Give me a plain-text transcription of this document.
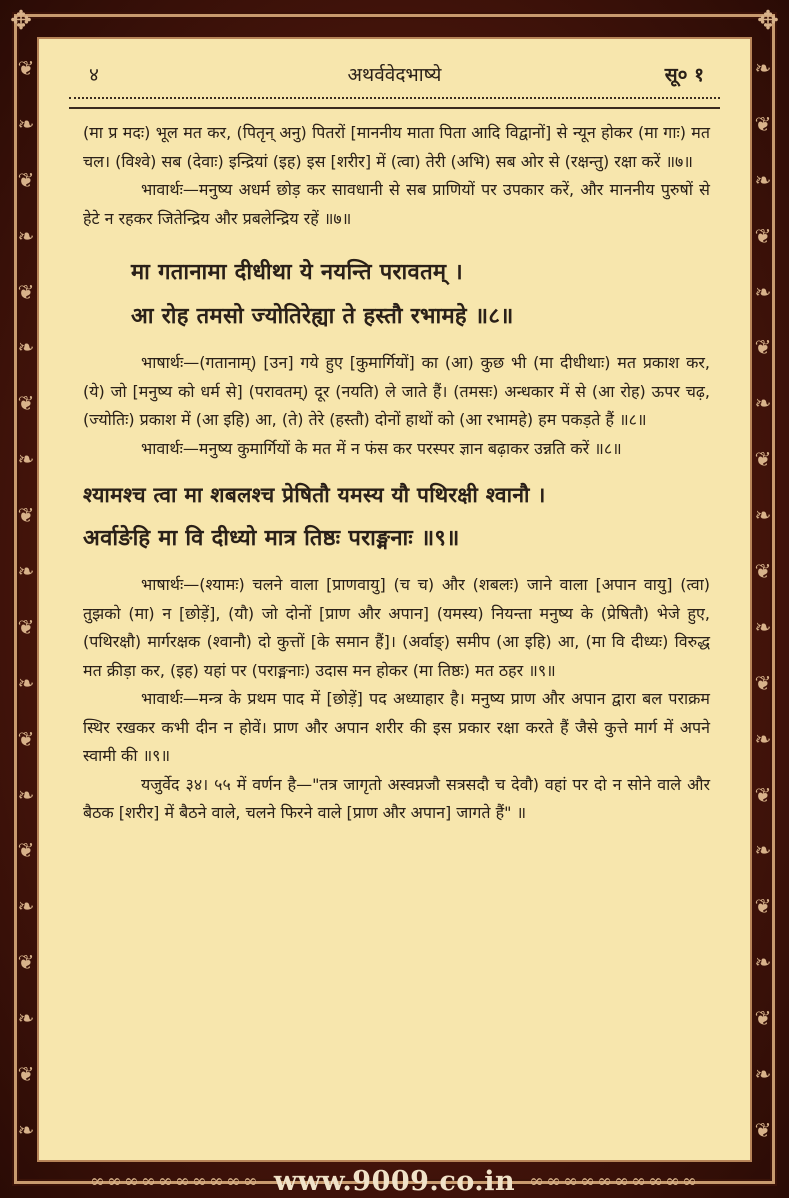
❦
❧
❦
❧
❦
❧
❦
❧
❦
❧
❦
❧
❦
❧
❦
❧
❦
❧
❦
❧
❧
❦
❧
❦
❧
❦
❧
❦
❧
❦
❧
❦
❧
❦
❧
❦
❧
❦
❧
❦
✥	✥
४	अथर्ववेदभाष्ये	सू० १

(मा प्र मदः) भूल मत कर, (पितृन् अनु) पितरों [माननीय माता पिता आदि विद्वानों] से न्यून होकर (मा गाः) मत चल। (विश्वे) सब (देवाः) इन्द्रियां (इह) इस [शरीर] में (त्वा) तेरी (अभि) सब ओर से (रक्षन्तु) रक्षा करें ॥७॥

भावार्थः—मनुष्य अधर्म छोड़ कर सावधानी से सब प्राणियों पर उपकार करें, और माननीय पुरुषों से हेटे न रहकर जितेन्द्रिय और प्रबलेन्द्रिय रहें ॥७॥

मा गतानामा दीधीथा ये नयन्ति परावतम् ।

आ रोह तमसो ज्योतिरेह्या ते हस्तौ रभामहे ॥८॥

भाषार्थः—(गतानाम्) [उन] गये हुए [कुमार्गियों] का (आ) कुछ भी (मा दीधीथाः) मत प्रकाश कर, (ये) जो [मनुष्य को धर्म से] (परावतम्) दूर (नयति) ले जाते हैं। (तमसः) अन्धकार में से (आ रोह) ऊपर चढ़, (ज्योतिः) प्रकाश में (आ इहि) आ, (ते) तेरे (हस्तौ) दोनों हाथों को (आ रभामहे) हम पकड़ते हैं ॥८॥

भावार्थः—मनुष्य कुमार्गियों के मत में न फंस कर परस्पर ज्ञान बढ़ाकर उन्नति करें ॥८॥

श्यामश्च त्वा मा शबलश्च प्रेषितौ यमस्य यौ पथिरक्षी श्वानौ ।

अर्वाङेहि मा वि दीध्यो मात्र तिष्ठः पराङ्मनाः ॥९॥

भाषार्थः—(श्यामः) चलने वाला [प्राणवायु] (च च) और (शबलः) जाने वाला [अपान वायु] (त्वा) तुझको (मा) न [छोड़ें], (यौ) जो दोनों [प्राण और अपान] (यमस्य) नियन्ता मनुष्य के (प्रेषितौ) भेजे हुए, (पथिरक्षौ) मार्गरक्षक (श्वानौ) दो कुत्तों [के समान हैं]। (अर्वाङ्) समीप (आ इहि) आ, (मा वि दीध्यः) विरुद्ध मत क्रीड़ा कर, (इह) यहां पर (पराङ्मनाः) उदास मन होकर (मा तिष्ठः) मत ठहर ॥९॥

भावार्थः—मन्त्र के प्रथम पाद में [छोड़ें] पद अध्याहार है। मनुष्य प्राण और अपान द्वारा बल पराक्रम स्थिर रखकर कभी दीन न होवें। प्राण और अपान शरीर की इस प्रकार रक्षा करते हैं जैसे कुत्ते मार्ग में अपने स्वामी की ॥९॥

यजुर्वेद ३४। ५५ में वर्णन है—"तत्र जागृतो अस्वप्नजौ सत्रसदौ च देवौ) वहां पर दो न सोने वाले और बैठक [शरीर] में बैठने वाले, चलने फिरने वाले [प्राण और अपान] जागते हैं" ॥

∞∞∞∞∞∞∞∞∞∞ www.9009.co.in ∞∞∞∞∞∞∞∞∞∞
